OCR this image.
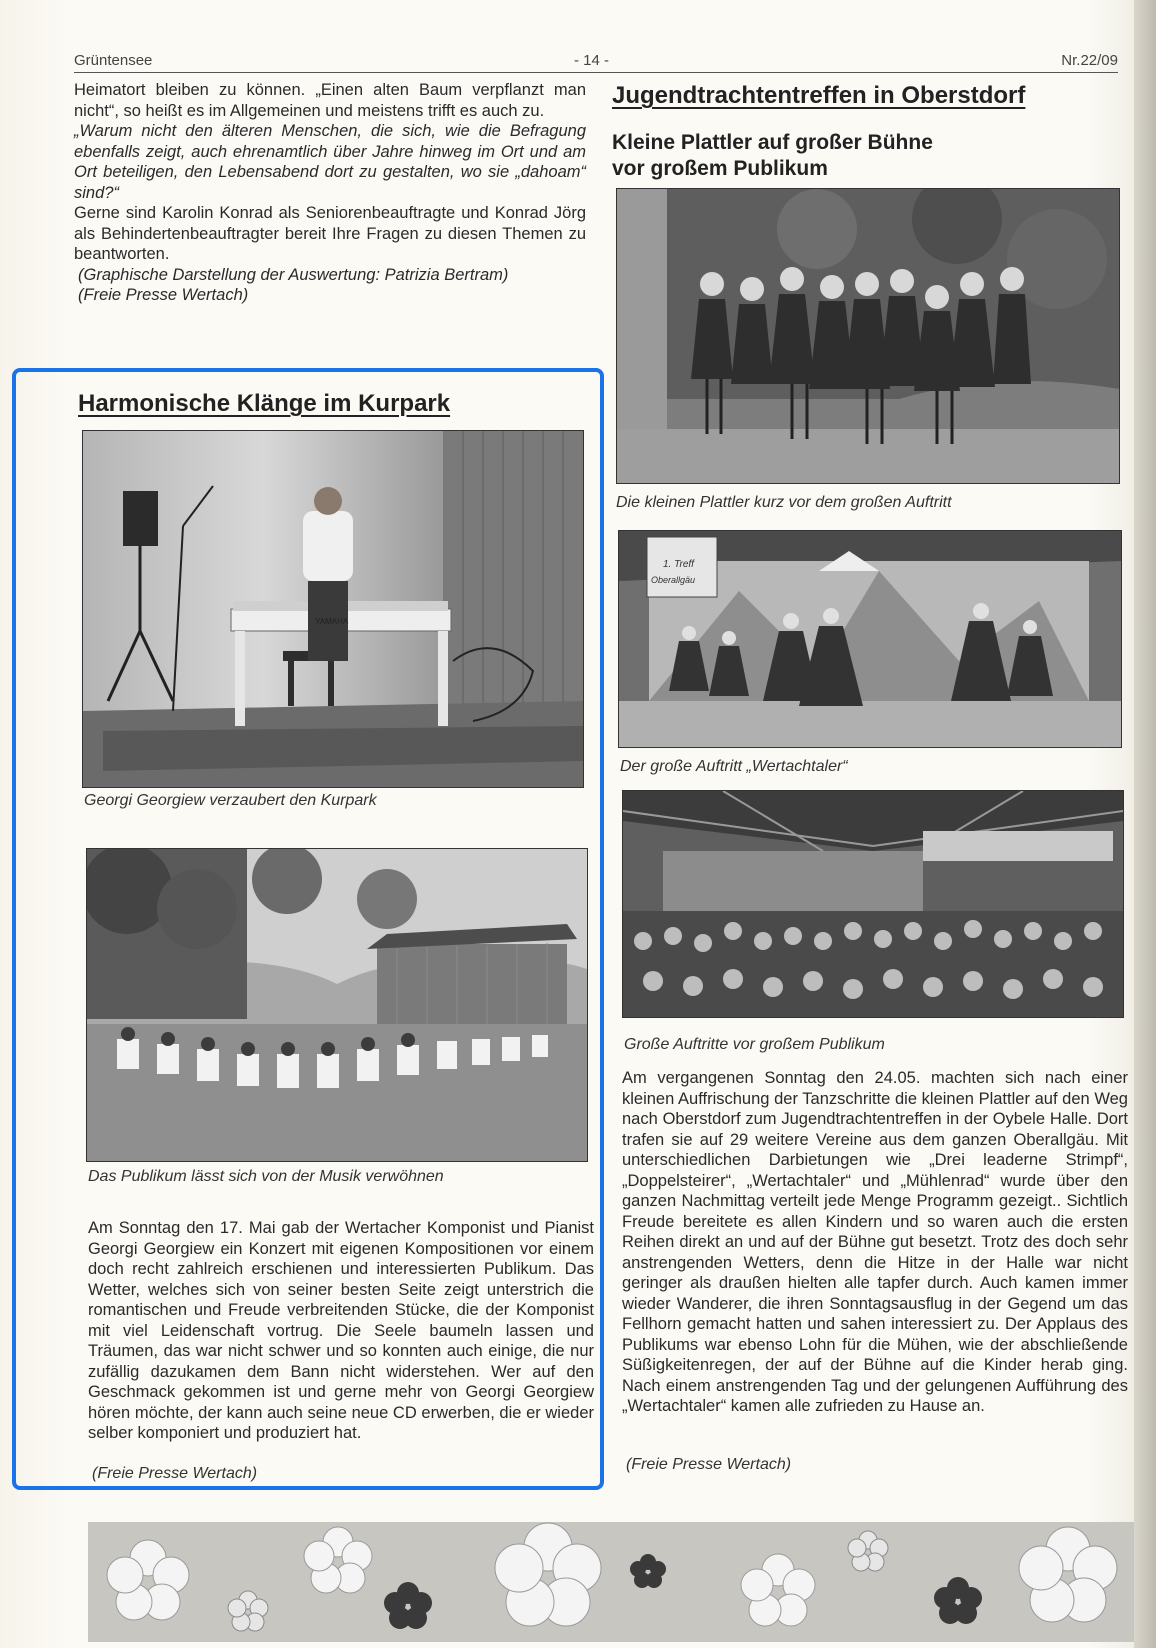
Grüntensee	- 14 -	Nr.22/09
Heimatort bleiben zu können. „Einen alten Baum verpflanzt man nicht“, so heißt es im Allgemeinen und meistens trifft es auch zu.
„Warum nicht den älteren Menschen, die sich, wie die Befragung ebenfalls zeigt, auch ehrenamtlich über Jahre hinweg im Ort und am Ort beteiligen, den Lebensabend dort zu gestalten, wo sie „dahoam“ sind?“
Gerne sind Karolin Konrad als Seniorenbeauftragte und Konrad Jörg als Behindertenbeauftragter bereit Ihre Fragen zu diesen Themen zu beantworten.
(Graphische Darstellung der Auswertung: Patrizia Bertram)
(Freie Presse Wertach)
Harmonische Klänge im Kurpark
YAMAHA
Georgi Georgiew verzaubert den Kurpark
Das Publikum lässt sich von der Musik verwöhnen
Am Sonntag den 17. Mai gab der Wertacher Komponist und Pianist Georgi Georgiew ein Konzert mit eigenen Kompositionen vor einem doch recht zahlreich erschienen und interessierten Publikum. Das Wetter, welches sich von seiner besten Seite zeigt unterstrich die romantischen und Freude verbreitenden Stücke, die der Komponist mit viel Leidenschaft vortrug. Die Seele baumeln lassen und Träumen, das war nicht schwer und so konnten auch einige, die nur zufällig dazukamen dem Bann nicht widerstehen. Wer auf den Geschmack gekommen ist und gerne mehr von Georgi Georgiew hören möchte, der kann auch seine neue CD erwerben, die er wieder selber komponiert und produziert hat.
(Freie Presse Wertach)
Jugendtrachtentreffen in Oberstdorf
Kleine Plattler auf großer Bühne
vor großem Publikum
Die kleinen Plattler kurz vor dem großen Auftritt
1. Treff
Oberallgäu
Der große Auftritt „Wertachtaler“
Große Auftritte vor großem Publikum
Am vergangenen Sonntag den 24.05. machten sich nach einer kleinen Auffrischung der Tanzschritte die kleinen Plattler auf den Weg nach Oberstdorf zum Jugendtrachtentreffen in der Oybele Halle. Dort trafen sie auf 29 weitere Vereine aus dem ganzen Oberallgäu. Mit unterschiedlichen Darbietungen wie „Drei leaderne Strimpf“, „Doppelsteirer“, „Wertachtaler“ und „Mühlenrad“ wurde über den ganzen Nachmittag verteilt jede Menge Programm gezeigt.. Sichtlich Freude bereitete es allen Kindern und so waren auch die ersten Reihen direkt an und auf der Bühne gut besetzt. Trotz des doch sehr anstrengenden Wetters, denn die Hitze in der Halle war nicht geringer als draußen hielten alle tapfer durch. Auch kamen immer wieder Wanderer, die ihren Sonntagsausflug in der Gegend um das Fellhorn gemacht hatten und sahen interessiert zu. Der Applaus des Publikums war ebenso Lohn für die Mühen, wie der abschließende Süßigkeitenregen, der auf der Bühne auf die Kinder herab ging. Nach einem anstrengenden Tag und der gelungenen Aufführung des „Wertachtaler“ kamen alle zufrieden zu Hause an.
(Freie Presse Wertach)
